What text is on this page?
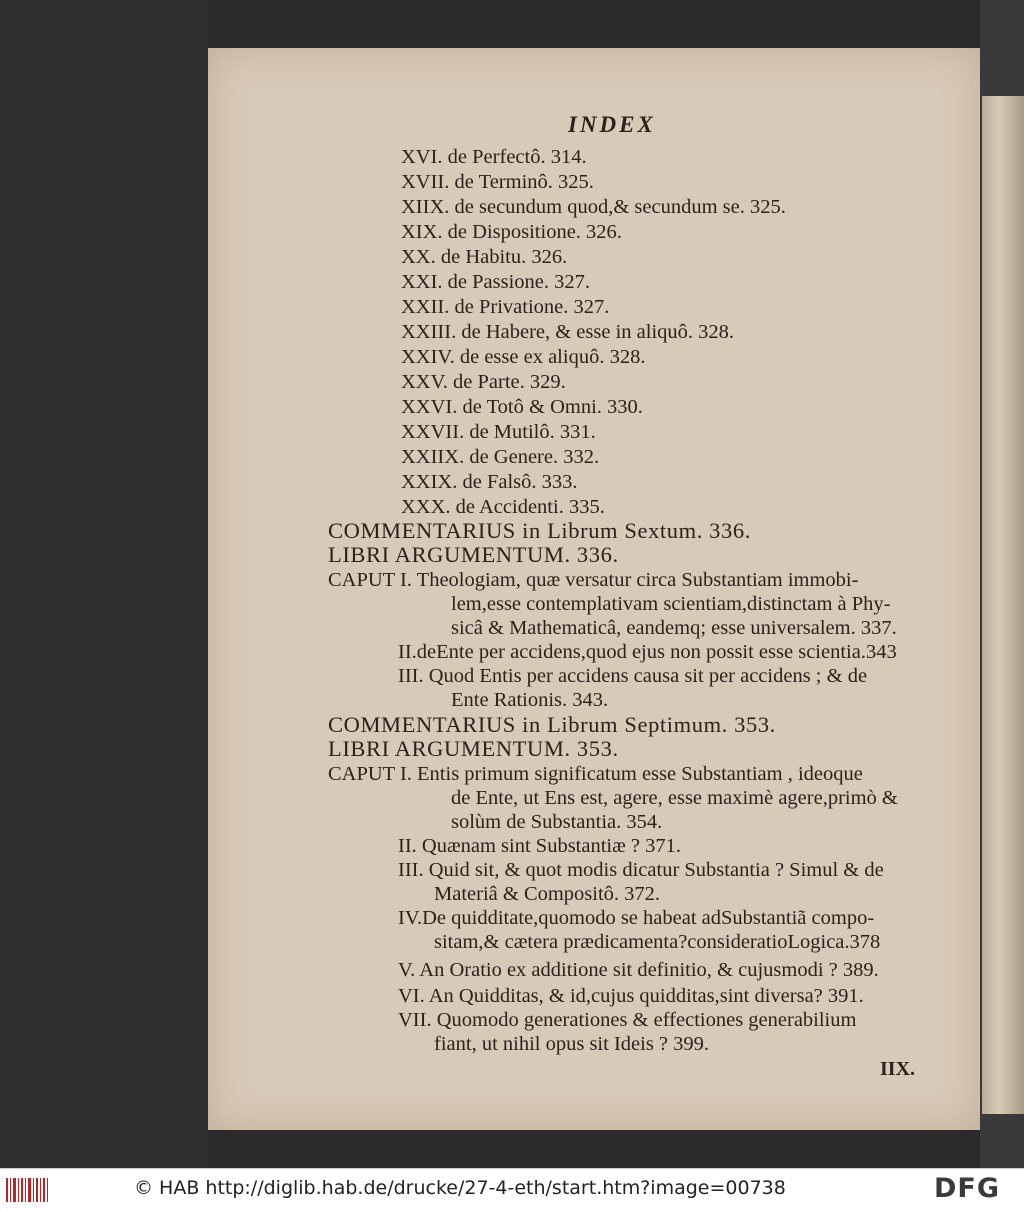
INDEX
XVI. de Perfectô. 314.
XVII. de Terminô. 325.
XIIX. de secundum quod,& secundum se. 325.
XIX. de Dispositione. 326.
XX. de Habitu. 326.
XXI. de Passione. 327.
XXII. de Privatione. 327.
XXIII. de Habere, & esse in aliquô. 328.
XXIV. de esse ex aliquô. 328.
XXV. de Parte. 329.
XXVI. de Totô & Omni. 330.
XXVII. de Mutilô. 331.
XXIIX. de Genere. 332.
XXIX. de Falsô. 333.
XXX. de Accidenti. 335.
COMMENTARIUS in Librum Sextum. 336.
LIBRI ARGUMENTUM. 336.
CAPUT I. Theologiam, quæ versatur circa Substantiam immobi-
lem,esse contemplativam scientiam,distinctam à Phy-
sicâ & Mathematicâ, eandemq; esse universalem. 337.
II.deEnte per accidens,quod ejus non possit esse scientia.343
III. Quod Entis per accidens causa sit per accidens ; & de
Ente Rationis. 343.
COMMENTARIUS in Librum Septimum. 353.
LIBRI ARGUMENTUM. 353.
CAPUT I. Entis primum significatum esse Substantiam , ideoque
de Ente, ut Ens est, agere, esse maximè agere,primò &
solùm de Substantia. 354.
II. Quænam sint Substantiæ ? 371.
III. Quid sit, & quot modis dicatur Substantia ? Simul & de
Materiâ & Compositô. 372.
IV.De quidditate,quomodo se habeat adSubstantiã compo-
sitam,& cætera prædicamenta?consideratioLogica.378
V. An Oratio ex additione sit definitio, & cujusmodi ? 389.
VI. An Quidditas, & id,cujus quidditas,sint diversa? 391.
VII. Quomodo generationes & effectiones generabilium
fiant, ut nihil opus sit Ideis ? 399.
IIX.
© HAB http://diglib.hab.de/drucke/27-4-eth/start.htm?image=00738	DFG
